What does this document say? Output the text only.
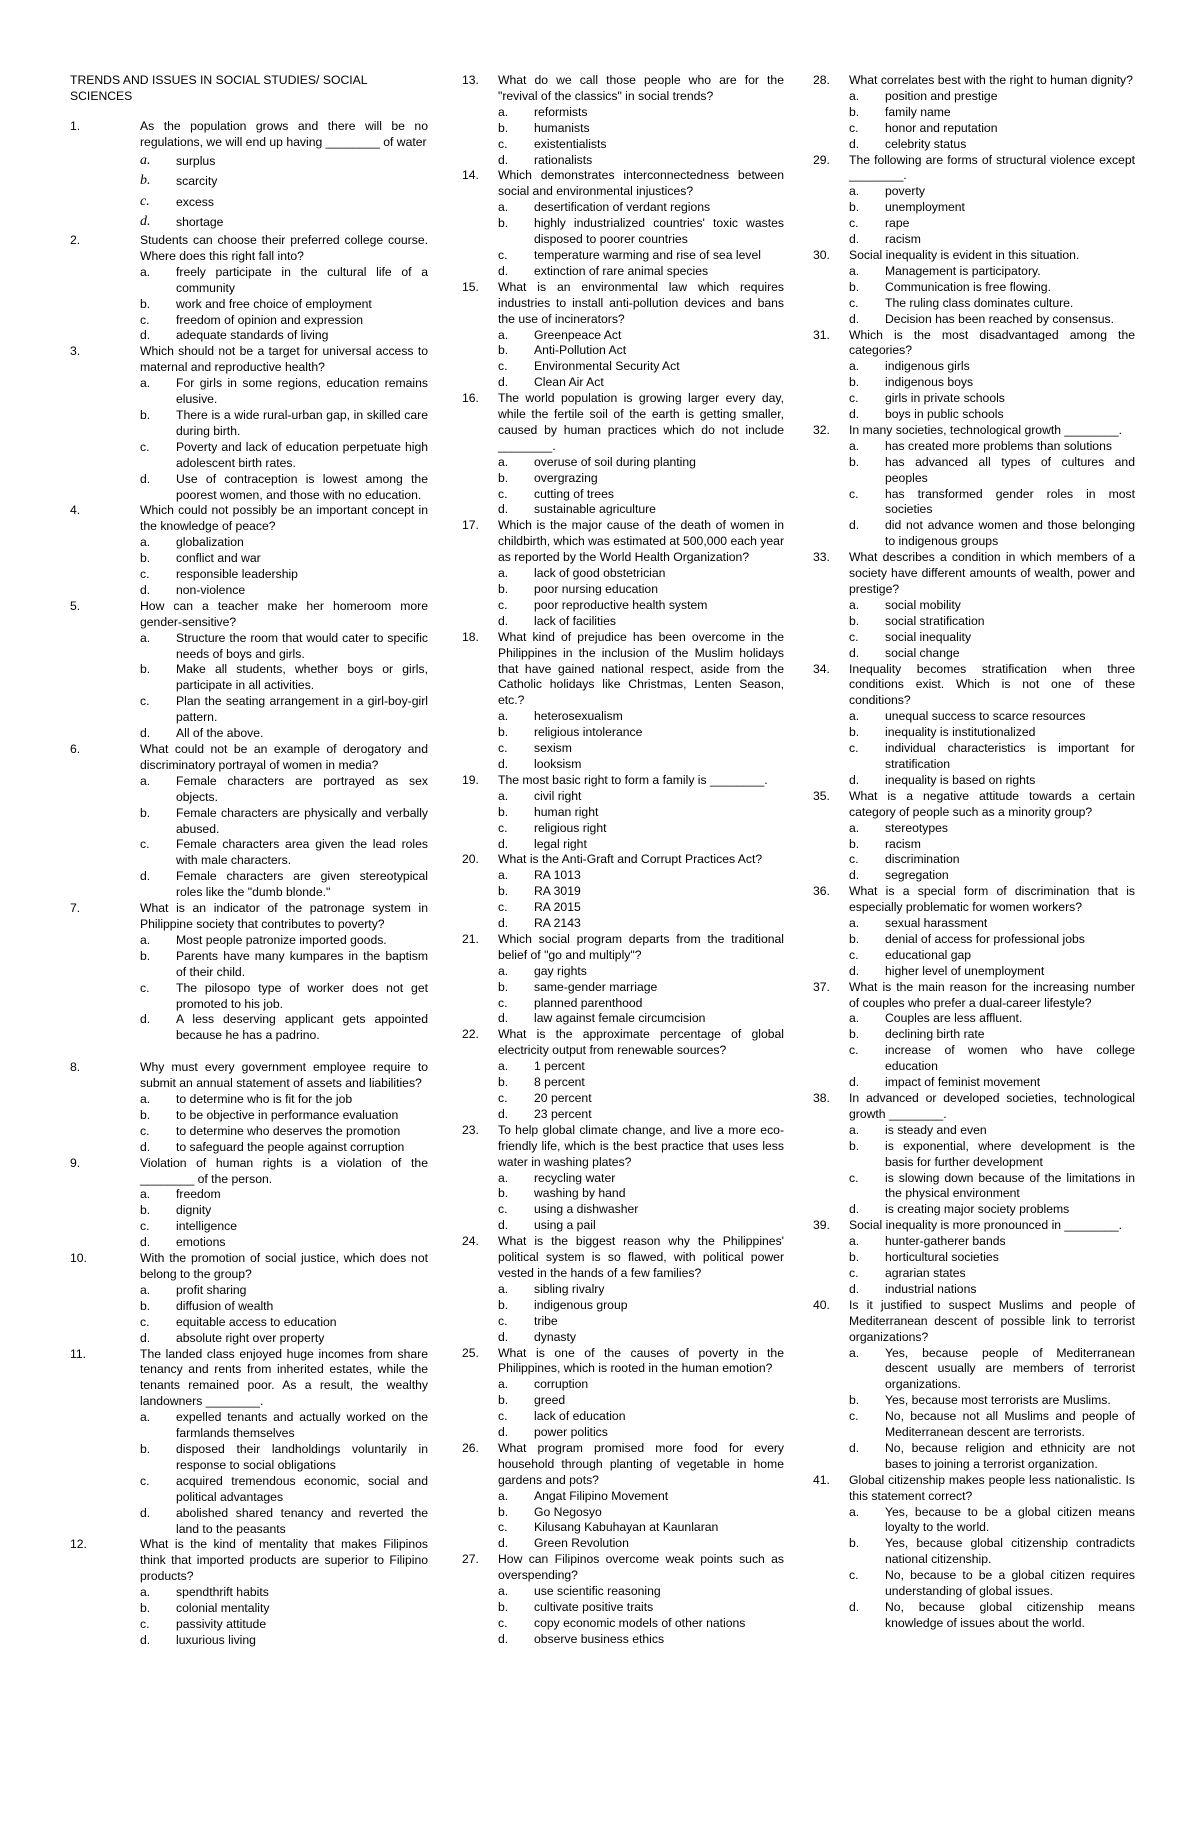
TRENDS AND ISSUES IN SOCIAL STUDIES/ SOCIAL SCIENCES
1.	As the population grows and there will be no regulations, we will end up having ________ of water
a.	surplus
b.	scarcity
c.	excess
d.	shortage
2.	Students can choose their preferred college course. Where does this right fall into?
a.	freely participate in the cultural life of a community
b.	work and free choice of employment
c.	freedom of opinion and expression
d.	adequate standards of living
3.	Which should not be a target for universal access to maternal and reproductive health?
a.	For girls in some regions, education remains elusive.
b.	There is a wide rural-urban gap, in skilled care during birth.
c.	Poverty and lack of education perpetuate high adolescent birth rates.
d.	Use of contraception is lowest among the poorest women, and those with no education.
4.	Which could not possibly be an important concept in the knowledge of peace?
a.	globalization
b.	conflict and war
c.	responsible leadership
d.	non-violence
5.	How can a teacher make her homeroom more gender-sensitive?
a.	Structure the room that would cater to specific needs of boys and girls.
b.	Make all students, whether boys or girls, participate in all activities.
c.	Plan the seating arrangement in a girl-boy-girl pattern.
d.	All of the above.
6.	What could not be an example of derogatory and discriminatory portrayal of women in media?
a.	Female characters are portrayed as sex objects.
b.	Female characters are physically and verbally abused.
c.	Female characters area given the lead roles with male characters.
d.	Female characters are given stereotypical roles like the "dumb blonde."
7.	What is an indicator of the patronage system in Philippine society that contributes to poverty?
a.	Most people patronize imported goods.
b.	Parents have many kumpares in the baptism of their child.
c.	The pilosopo type of worker does not get promoted to his job.
d.	A less deserving applicant gets appointed because he has a padrino.
8.	Why must every government employee require to submit an annual statement of assets and liabilities?
a.	to determine who is fit for the job
b.	to be objective in performance evaluation
c.	to determine who deserves the promotion
d.	to safeguard the people against corruption
9.	Violation of human rights is a violation of the ________ of the person.
a.	freedom
b.	dignity
c.	intelligence
d.	emotions
10.	With the promotion of social justice, which does not belong to the group?
a.	profit sharing
b.	diffusion of wealth
c.	equitable access to education
d.	absolute right over property
11.	The landed class enjoyed huge incomes from share tenancy and rents from inherited estates, while the tenants remained poor. As a result, the wealthy landowners ________.
a.	expelled tenants and actually worked on the farmlands themselves
b.	disposed their landholdings voluntarily in response to social obligations
c.	acquired tremendous economic, social and political advantages
d.	abolished shared tenancy and reverted the land to the peasants
12.	What is the kind of mentality that makes Filipinos think that imported products are superior to Filipino products?
a.	spendthrift habits
b.	colonial mentality
c.	passivity attitude
d.	luxurious living
13.	What do we call those people who are for the "revival of the classics" in social trends?
a.	reformists
b.	humanists
c.	existentialists
d.	rationalists
14.	Which demonstrates interconnectedness between social and environmental injustices?
a.	desertification of verdant regions
b.	highly industrialized countries' toxic wastes disposed to poorer countries
c.	temperature warming and rise of sea level
d.	extinction of rare animal species
15.	What is an environmental law which requires industries to install anti-pollution devices and bans the use of incinerators?
a.	Greenpeace Act
b.	Anti-Pollution Act
c.	Environmental Security Act
d.	Clean Air Act
16.	The world population is growing larger every day, while the fertile soil of the earth is getting smaller, caused by human practices which do not include ________.
a.	overuse of soil during planting
b.	overgrazing
c.	cutting of trees
d.	sustainable agriculture
17.	Which is the major cause of the death of women in childbirth, which was estimated at 500,000 each year as reported by the World Health Organization?
a.	lack of good obstetrician
b.	poor nursing education
c.	poor reproductive health system
d.	lack of facilities
18.	What kind of prejudice has been overcome in the Philippines in the inclusion of the Muslim holidays that have gained national respect, aside from the Catholic holidays like Christmas, Lenten Season, etc.?
a.	heterosexualism
b.	religious intolerance
c.	sexism
d.	looksism
19.	The most basic right to form a family is ________.
a.	civil right
b.	human right
c.	religious right
d.	legal right
20.	What is the Anti-Graft and Corrupt Practices Act?
a.	RA 1013
b.	RA 3019
c.	RA 2015
d.	RA 2143
21.	Which social program departs from the traditional belief of "go and multiply"?
a.	gay rights
b.	same-gender marriage
c.	planned parenthood
d.	law against female circumcision
22.	What is the approximate percentage of global electricity output from renewable sources?
a.	1 percent
b.	8 percent
c.	20 percent
d.	23 percent
23.	To help global climate change, and live a more eco-friendly life, which is the best practice that uses less water in washing plates?
a.	recycling water
b.	washing by hand
c.	using a dishwasher
d.	using a pail
24.	What is the biggest reason why the Philippines' political system is so flawed, with political power vested in the hands of a few families?
a.	sibling rivalry
b.	indigenous group
c.	tribe
d.	dynasty
25.	What is one of the causes of poverty in the Philippines, which is rooted in the human emotion?
a.	corruption
b.	greed
c.	lack of education
d.	power politics
26.	What program promised more food for every household through planting of vegetable in home gardens and pots?
a.	Angat Filipino Movement
b.	Go Negosyo
c.	Kilusang Kabuhayan at Kaunlaran
d.	Green Revolution
27.	How can Filipinos overcome weak points such as overspending?
a.	use scientific reasoning
b.	cultivate positive traits
c.	copy economic models of other nations
d.	observe business ethics
28.	What correlates best with the right to human dignity?
a.	position and prestige
b.	family name
c.	honor and reputation
d.	celebrity status
29.	The following are forms of structural violence except ________.
a.	poverty
b.	unemployment
c.	rape
d.	racism
30.	Social inequality is evident in this situation.
a.	Management is participatory.
b.	Communication is free flowing.
c.	The ruling class dominates culture.
d.	Decision has been reached by consensus.
31.	Which is the most disadvantaged among the categories?
a.	indigenous girls
b.	indigenous boys
c.	girls in private schools
d.	boys in public schools
32.	In many societies, technological growth ________.
a.	has created more problems than solutions
b.	has advanced all types of cultures and peoples
c.	has transformed gender roles in most societies
d.	did not advance women and those belonging to indigenous groups
33.	What describes a condition in which members of a society have different amounts of wealth, power and prestige?
a.	social mobility
b.	social stratification
c.	social inequality
d.	social change
34.	Inequality becomes stratification when three conditions exist. Which is not one of these conditions?
a.	unequal success to scarce resources
b.	inequality is institutionalized
c.	individual characteristics is important for stratification
d.	inequality is based on rights
35.	What is a negative attitude towards a certain category of people such as a minority group?
a.	stereotypes
b.	racism
c.	discrimination
d.	segregation
36.	What is a special form of discrimination that is especially problematic for women workers?
a.	sexual harassment
b.	denial of access for professional jobs
c.	educational gap
d.	higher level of unemployment
37.	What is the main reason for the increasing number of couples who prefer a dual-career lifestyle?
a.	Couples are less affluent.
b.	declining birth rate
c.	increase of women who have college education
d.	impact of feminist movement
38.	In advanced or developed societies, technological growth ________.
a.	is steady and even
b.	is exponential, where development is the basis for further development
c.	is slowing down because of the limitations in the physical environment
d.	is creating major society problems
39.	Social inequality is more pronounced in ________.
a.	hunter-gatherer bands
b.	horticultural societies
c.	agrarian states
d.	industrial nations
40.	Is it justified to suspect Muslims and people of Mediterranean descent of possible link to terrorist organizations?
a.	Yes, because people of Mediterranean descent usually are members of terrorist organizations.
b.	Yes, because most terrorists are Muslims.
c.	No, because not all Muslims and people of Mediterranean descent are terrorists.
d.	No, because religion and ethnicity are not bases to joining a terrorist organization.
41.	Global citizenship makes people less nationalistic. Is this statement correct?
a.	Yes, because to be a global citizen means loyalty to the world.
b.	Yes, because global citizenship contradicts national citizenship.
c.	No, because to be a global citizen requires understanding of global issues.
d.	No, because global citizenship means knowledge of issues about the world.
